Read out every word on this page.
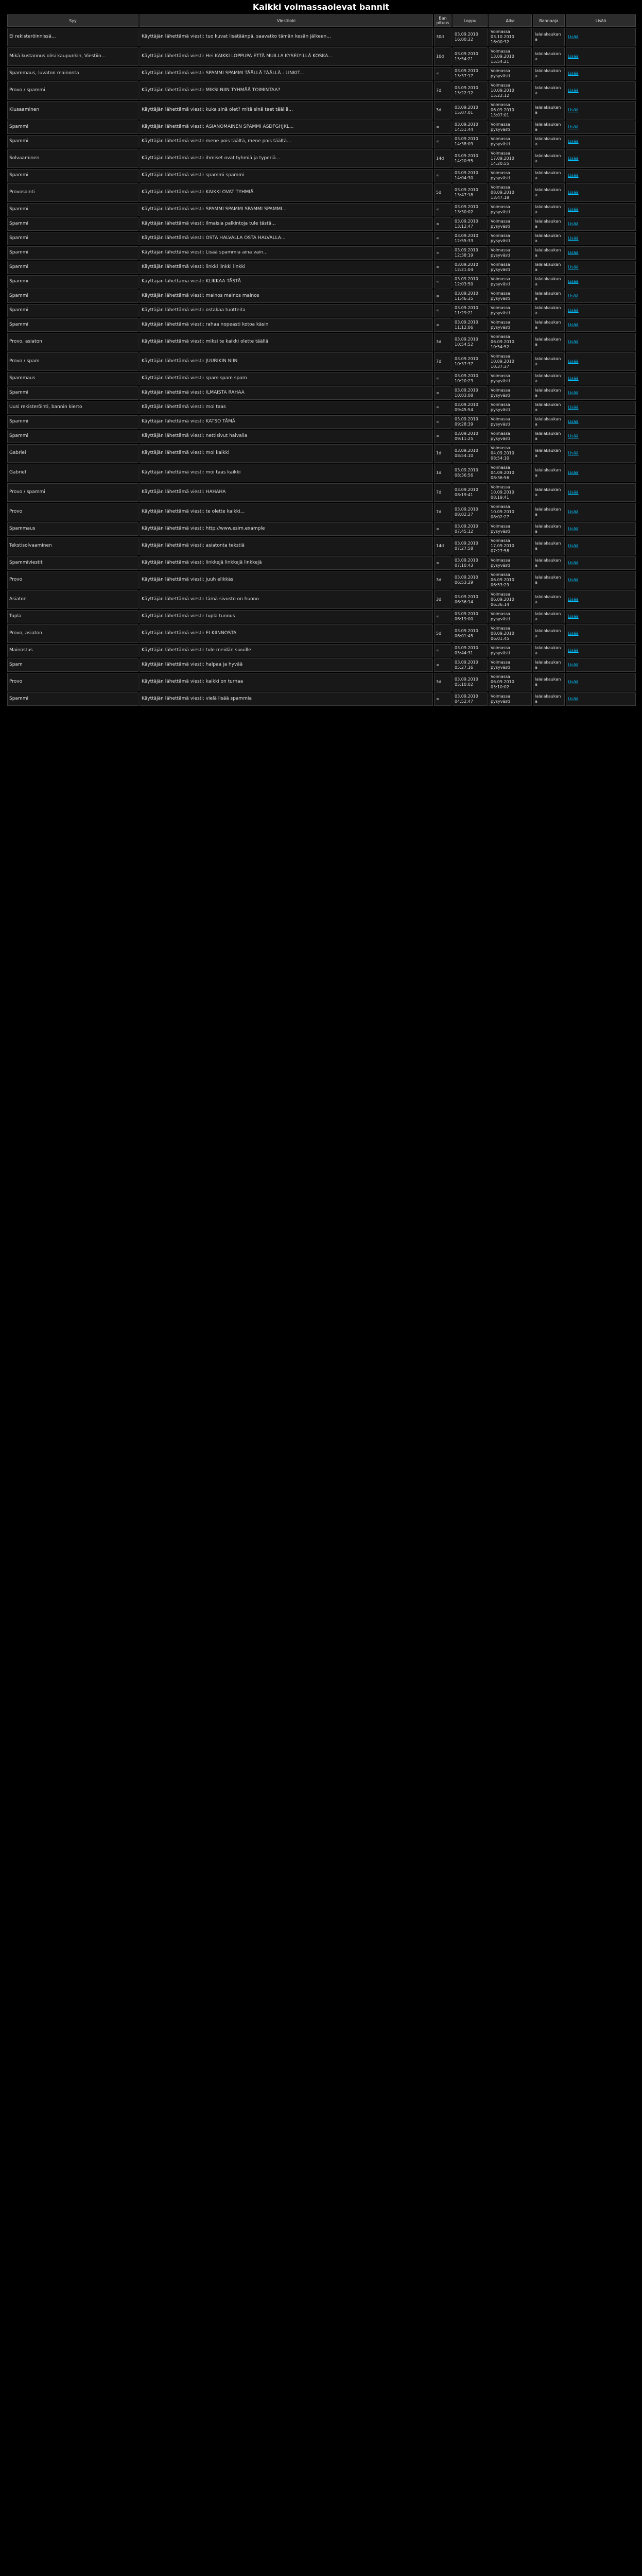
Kaikki voimassaolevat bannit
Syy	Viestiloki	Ban pituus	Loppu	Aika	Bannaaja	Lisää
Ei rekisteröinnissä...	Käyttäjän lähettämä viesti: tuo kuvat lisätäänpä, saavatko tämän kesän jälkeen...	30d	03.09.2010 16:00:32	Voimassa 03.10.2010 16:00:32	lalalakaukana	Lisää
Mikä kustannus olisi kaupunkin, Viestiin...	Käyttäjän lähettämä viesti: Hei KAIKKI LOPPUPA ETTÄ MUILLA KYSELYILLÄ KOSKA...	10d	03.09.2010 15:54:21	Voimassa 13.09.2010 15:54:21	lalalakaukana	Lisää
Spammaus, luvaton mainonta	Käyttäjän lähettämä viesti: SPAMMI SPAMMI TÄÄLLÄ TÄÄLLÄ - LINKIT...	∞	03.09.2010 15:37:17	Voimassa pysyvästi	lalalakaukana	Lisää
Provo / spammi	Käyttäjän lähettämä viesti: MIKSI NIIN TYHMÄÄ TOIMINTAA?	7d	03.09.2010 15:22:12	Voimassa 10.09.2010 15:22:12	lalalakaukana	Lisää
Kiusaaminen	Käyttäjän lähettämä viesti: kuka sinä olet? mitä sinä teet täällä...	3d	03.09.2010 15:07:01	Voimassa 06.09.2010 15:07:01	lalalakaukana	Lisää
Spammi	Käyttäjän lähettämä viesti: ASIANOMAINEN SPAMMI ASDFGHJKL...	∞	03.09.2010 14:51:44	Voimassa pysyvästi	lalalakaukana	Lisää
Spammi	Käyttäjän lähettämä viesti: mene pois täältä, mene pois täältä...	∞	03.09.2010 14:38:09	Voimassa pysyvästi	lalalakaukana	Lisää
Solvaaminen	Käyttäjän lähettämä viesti: ihmiset ovat tyhmiä ja typeriä...	14d	03.09.2010 14:20:55	Voimassa 17.09.2010 14:20:55	lalalakaukana	Lisää
Spammi	Käyttäjän lähettämä viesti: spammi spammi	∞	03.09.2010 14:04:30	Voimassa pysyvästi	lalalakaukana	Lisää
Provosointi	Käyttäjän lähettämä viesti: KAIKKI OVAT TYHMIÄ	5d	03.09.2010 13:47:18	Voimassa 08.09.2010 13:47:18	lalalakaukana	Lisää
Spammi	Käyttäjän lähettämä viesti: SPAMMI SPAMMI SPAMMI SPAMMI...	∞	03.09.2010 13:30:02	Voimassa pysyvästi	lalalakaukana	Lisää
Spammi	Käyttäjän lähettämä viesti: ilmaisia palkintoja tule tästä...	∞	03.09.2010 13:12:47	Voimassa pysyvästi	lalalakaukana	Lisää
Spammi	Käyttäjän lähettämä viesti: OSTA HALVALLA OSTA HALVALLA...	∞	03.09.2010 12:55:33	Voimassa pysyvästi	lalalakaukana	Lisää
Spammi	Käyttäjän lähettämä viesti: Lisää spammia aina vain...	∞	03.09.2010 12:38:19	Voimassa pysyvästi	lalalakaukana	Lisää
Spammi	Käyttäjän lähettämä viesti: linkki linkki linkki	∞	03.09.2010 12:21:04	Voimassa pysyvästi	lalalakaukana	Lisää
Spammi	Käyttäjän lähettämä viesti: KLIKKAA TÄSTÄ	∞	03.09.2010 12:03:50	Voimassa pysyvästi	lalalakaukana	Lisää
Spammi	Käyttäjän lähettämä viesti: mainos mainos mainos	∞	03.09.2010 11:46:35	Voimassa pysyvästi	lalalakaukana	Lisää
Spammi	Käyttäjän lähettämä viesti: ostakaa tuotteita	∞	03.09.2010 11:29:21	Voimassa pysyvästi	lalalakaukana	Lisää
Spammi	Käyttäjän lähettämä viesti: rahaa nopeasti kotoa käsin	∞	03.09.2010 11:12:06	Voimassa pysyvästi	lalalakaukana	Lisää
Provo, asiaton	Käyttäjän lähettämä viesti: miksi te kaikki olette täällä	3d	03.09.2010 10:54:52	Voimassa 06.09.2010 10:54:52	lalalakaukana	Lisää
Provo / spam	Käyttäjän lähettämä viesti: JUURIKIN NIIN	7d	03.09.2010 10:37:37	Voimassa 10.09.2010 10:37:37	lalalakaukana	Lisää
Spammaus	Käyttäjän lähettämä viesti: spam spam spam	∞	03.09.2010 10:20:23	Voimassa pysyvästi	lalalakaukana	Lisää
Spammi	Käyttäjän lähettämä viesti: ILMAISTA RAHAA	∞	03.09.2010 10:03:08	Voimassa pysyvästi	lalalakaukana	Lisää
Uusi rekisteröinti, bannin kierto	Käyttäjän lähettämä viesti: moi taas	∞	03.09.2010 09:45:54	Voimassa pysyvästi	lalalakaukana	Lisää
Spammi	Käyttäjän lähettämä viesti: KATSO TÄMÄ	∞	03.09.2010 09:28:39	Voimassa pysyvästi	lalalakaukana	Lisää
Spammi	Käyttäjän lähettämä viesti: nettisivut halvalla	∞	03.09.2010 09:11:25	Voimassa pysyvästi	lalalakaukana	Lisää
Gabriel	Käyttäjän lähettämä viesti: moi kaikki	1d	03.09.2010 08:54:10	Voimassa 04.09.2010 08:54:10	lalalakaukana	Lisää
Gabriel	Käyttäjän lähettämä viesti: moi taas kaikki	1d	03.09.2010 08:36:56	Voimassa 04.09.2010 08:36:56	lalalakaukana	Lisää
Provo / spammi	Käyttäjän lähettämä viesti: HAHAHA	7d	03.09.2010 08:19:41	Voimassa 10.09.2010 08:19:41	lalalakaukana	Lisää
Provo	Käyttäjän lähettämä viesti: te olette kaikki...	7d	03.09.2010 08:02:27	Voimassa 10.09.2010 08:02:27	lalalakaukana	Lisää
Spammaus	Käyttäjän lähettämä viesti: http://www.esim.example	∞	03.09.2010 07:45:12	Voimassa pysyvästi	lalalakaukana	Lisää
Tekstisolvaaminen	Käyttäjän lähettämä viesti: asiatonta tekstiä	14d	03.09.2010 07:27:58	Voimassa 17.09.2010 07:27:58	lalalakaukana	Lisää
Spammiviestit	Käyttäjän lähettämä viesti: linkkejä linkkejä linkkejä	∞	03.09.2010 07:10:43	Voimassa pysyvästi	lalalakaukana	Lisää
Provo	Käyttäjän lähettämä viesti: juuh elikkäs	3d	03.09.2010 06:53:29	Voimassa 06.09.2010 06:53:29	lalalakaukana	Lisää
Asiaton	Käyttäjän lähettämä viesti: tämä sivusto on huono	3d	03.09.2010 06:36:14	Voimassa 06.09.2010 06:36:14	lalalakaukana	Lisää
Tupla	Käyttäjän lähettämä viesti: tupla tunnus	∞	03.09.2010 06:19:00	Voimassa pysyvästi	lalalakaukana	Lisää
Provo, asiaton	Käyttäjän lähettämä viesti: EI KIINNOSTA	5d	03.09.2010 06:01:45	Voimassa 08.09.2010 06:01:45	lalalakaukana	Lisää
Mainostus	Käyttäjän lähettämä viesti: tule meidän sivuille	∞	03.09.2010 05:44:31	Voimassa pysyvästi	lalalakaukana	Lisää
Spam	Käyttäjän lähettämä viesti: halpaa ja hyvää	∞	03.09.2010 05:27:16	Voimassa pysyvästi	lalalakaukana	Lisää
Provo	Käyttäjän lähettämä viesti: kaikki on turhaa	3d	03.09.2010 05:10:02	Voimassa 06.09.2010 05:10:02	lalalakaukana	Lisää
Spammi	Käyttäjän lähettämä viesti: vielä lisää spammia	∞	03.09.2010 04:52:47	Voimassa pysyvästi	lalalakaukana	Lisää
